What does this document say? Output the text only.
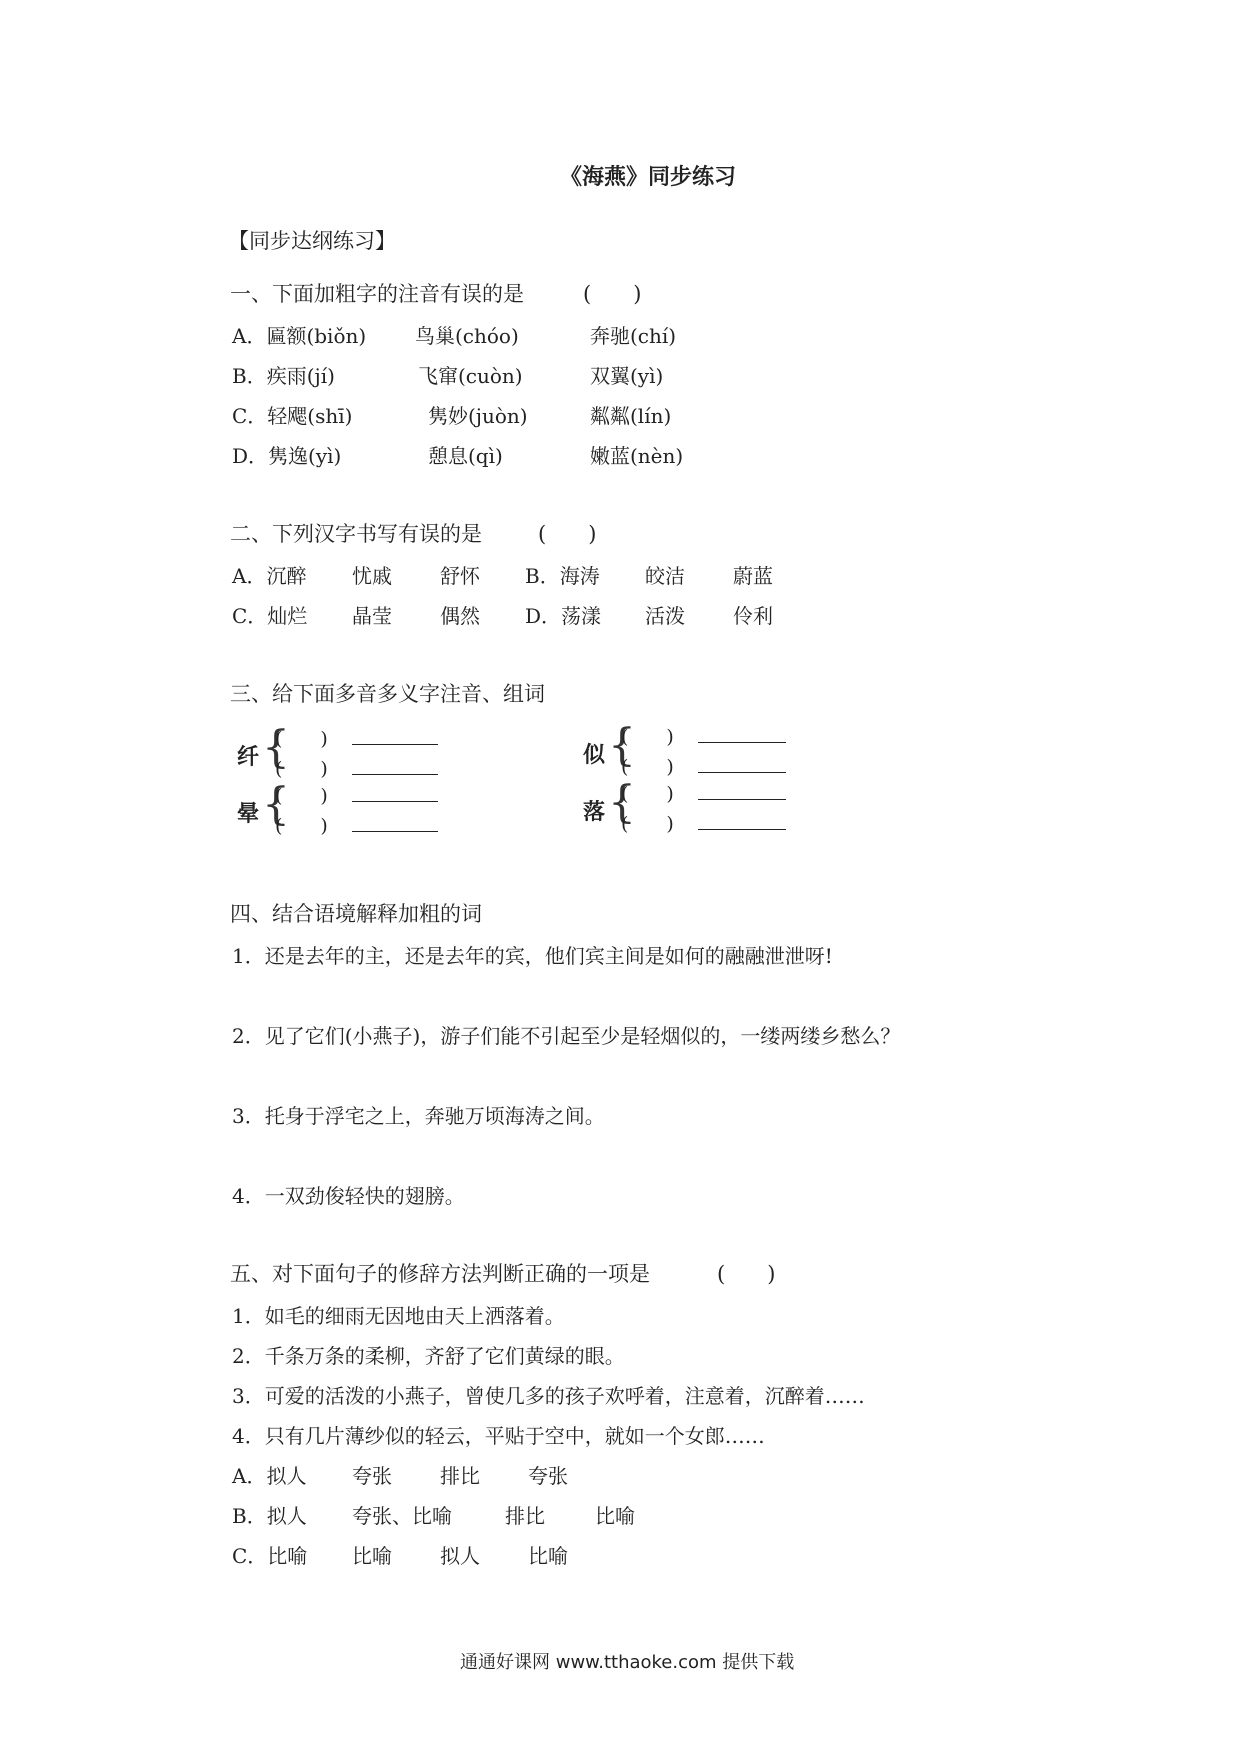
《海燕》同步练习
【同步达纲练习】
一、下面加粗字的注音有误的是	(　　)
A．匾额(biǒn) 鸟巢(chóo)	奔驰(chí)
B．疾雨(jí)	飞窜(cuòn)	双翼(yì)
C．轻飔(shī)	隽妙(juòn)	粼粼(lín)
D．隽逸(yì)	憩息(qì)	嫩蓝(nèn)
二、下列汉字书写有误的是	(　　)
A．沉醉 忧戚 舒怀 B．海涛 皎洁 蔚蓝
C．灿烂 晶莹 偶然 D．荡漾 活泼 伶利
三、给下面多音多义字注音、组词
纤 {
(　　)
(　　)
晕 {
(　　)
(　　)
似 {
(　　)
(　　)
落 {
(　　)
(　　)
四、结合语境解释加粗的词
1．还是去年的主，还是去年的宾，他们宾主间是如何的融融泄泄呀!
2．见了它们(小燕子)，游子们能不引起至少是轻烟似的，一缕两缕乡愁么？
3．托身于浮宅之上，奔驰万顷海涛之间。
4．一双劲俊轻快的翅膀。
五、对下面句子的修辞方法判断正确的一项是	(　　)
1．如毛的细雨无因地由天上洒落着。
2．千条万条的柔柳，齐舒了它们黄绿的眼。
3．可爱的活泼的小燕子，曾使几多的孩子欢呼着，注意着，沉醉着……
4．只有几片薄纱似的轻云，平贴于空中，就如一个女郎……
A．拟人 夸张 排比 夸张
B．拟人 夸张、比喻	排比	比喻
C．比喻 比喻 拟人 比喻
通通好课网 www.tthaoke.com 提供下载
